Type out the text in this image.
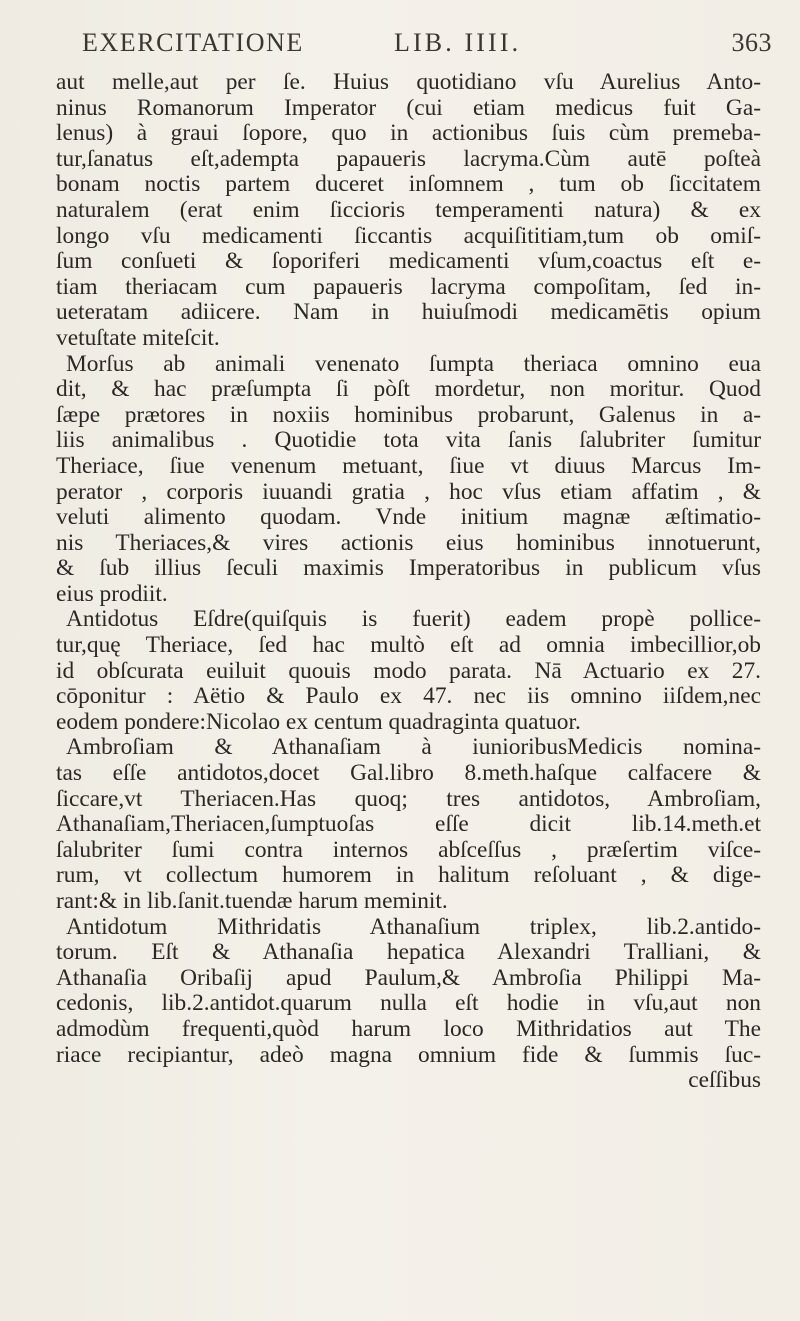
EXERCITATIONE	LIB. IIII.	363
aut melle,aut per ſe. Huius quotidiano vſu Aurelius Anto-
ninus Romanorum Imperator (cui etiam medicus fuit Ga-
lenus) à graui ſopore, quo in actionibus ſuis cùm premeba-
tur,ſanatus eſt,adempta papaueris lacryma.Cùm autē poſteà
bonam noctis partem duceret inſomnem , tum ob ſiccitatem
naturalem (erat enim ſiccioris temperamenti natura) & ex
longo vſu medicamenti ſiccantis acquiſititiam,tum ob omiſ-
ſum conſueti & ſoporiferi medicamenti vſum,coactus eſt e-
tiam theriacam cum papaueris lacryma compoſitam, ſed in-
ueteratam adiicere. Nam in huiuſmodi medicamētis opium
vetuſtate miteſcit.
Morſus ab animali venenato ſumpta theriaca omnino eua
dit, & hac præſumpta ſi pòſt mordetur, non moritur. Quod
ſæpe prætores in noxiis hominibus probarunt, Galenus in a-
liis animalibus . Quotidie tota vita ſanis ſalubriter ſumitur
Theriace, ſiue venenum metuant, ſiue vt diuus Marcus Im-
perator , corporis iuuandi gratia , hoc vſus etiam affatim , &
veluti alimento quodam. Vnde initium magnæ æſtimatio-
nis Theriaces,& vires actionis eius hominibus innotuerunt,
& ſub illius ſeculi maximis Imperatoribus in publicum vſus
eius prodiit.
Antidotus Eſdre(quiſquis is fuerit) eadem propè pollice-
tur,quę Theriace, ſed hac multò eſt ad omnia imbecillior,ob
id obſcurata euiluit quouis modo parata. Nā Actuario ex 27.
cōponitur : Aëtio & Paulo ex 47. nec iis omnino iiſdem,nec
eodem pondere:Nicolao ex centum quadraginta quatuor.
Ambroſiam & Athanaſiam à iunioribusMedicis nomina-
tas eſſe antidotos,docet Gal.libro 8.meth.haſque calfacere &
ſiccare,vt Theriacen.Has quoq; tres antidotos, Ambroſiam,
Athanaſiam,Theriacen,ſumptuoſas eſſe dicit lib.14.meth.et
ſalubriter ſumi contra internos abſceſſus , præſertim viſce-
rum, vt collectum humorem in halitum reſoluant , & dige-
rant:& in lib.ſanit.tuendæ harum meminit.
Antidotum Mithridatis Athanaſium triplex, lib.2.antido-
torum. Eſt & Athanaſia hepatica Alexandri Tralliani, &
Athanaſia Oribaſij apud Paulum,& Ambroſia Philippi Ma-
cedonis, lib.2.antidot.quarum nulla eſt hodie in vſu,aut non
admodùm frequenti,quòd harum loco Mithridatios aut The
riace recipiantur, adeò magna omnium fide & ſummis ſuc-
ceſſibus
